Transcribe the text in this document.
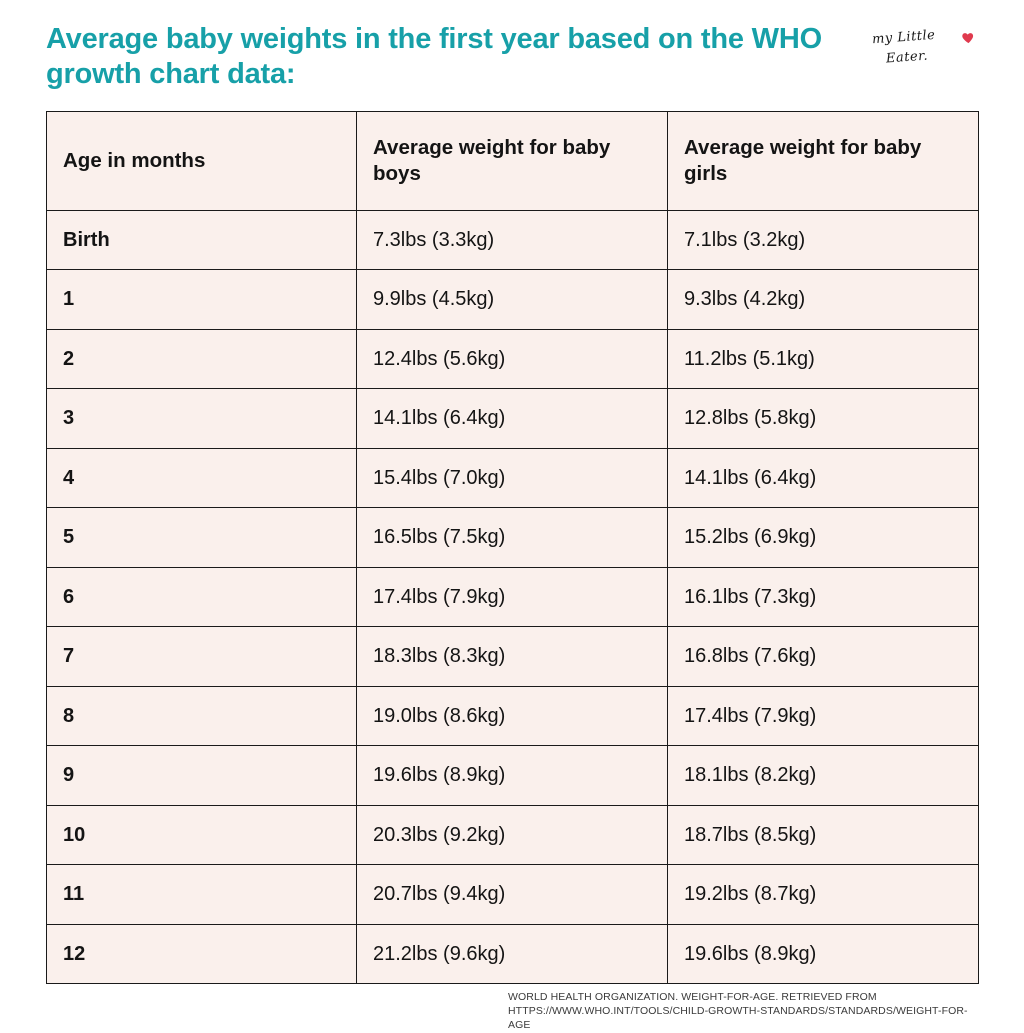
Average baby weights in the first year based on the WHO growth chart data:
my Little
Eater.
Age in months	Average weight for baby boys	Average weight for baby girls
Birth	7.3lbs (3.3kg)	7.1lbs (3.2kg)
1	9.9lbs (4.5kg)	9.3lbs (4.2kg)
2	12.4lbs (5.6kg)	11.2lbs (5.1kg)
3	14.1lbs (6.4kg)	12.8lbs (5.8kg)
4	15.4lbs (7.0kg)	14.1lbs (6.4kg)
5	16.5lbs (7.5kg)	15.2lbs (6.9kg)
6	17.4lbs (7.9kg)	16.1lbs (7.3kg)
7	18.3lbs (8.3kg)	16.8lbs (7.6kg)
8	19.0lbs (8.6kg)	17.4lbs (7.9kg)
9	19.6lbs (8.9kg)	18.1lbs (8.2kg)
10	20.3lbs (9.2kg)	18.7lbs (8.5kg)
11	20.7lbs (9.4kg)	19.2lbs (8.7kg)
12	21.2lbs (9.6kg)	19.6lbs (8.9kg)
WORLD HEALTH ORGANIZATION. WEIGHT-FOR-AGE. RETRIEVED FROM
HTTPS://WWW.WHO.INT/TOOLS/CHILD-GROWTH-STANDARDS/STANDARDS/WEIGHT-FOR-AGE
